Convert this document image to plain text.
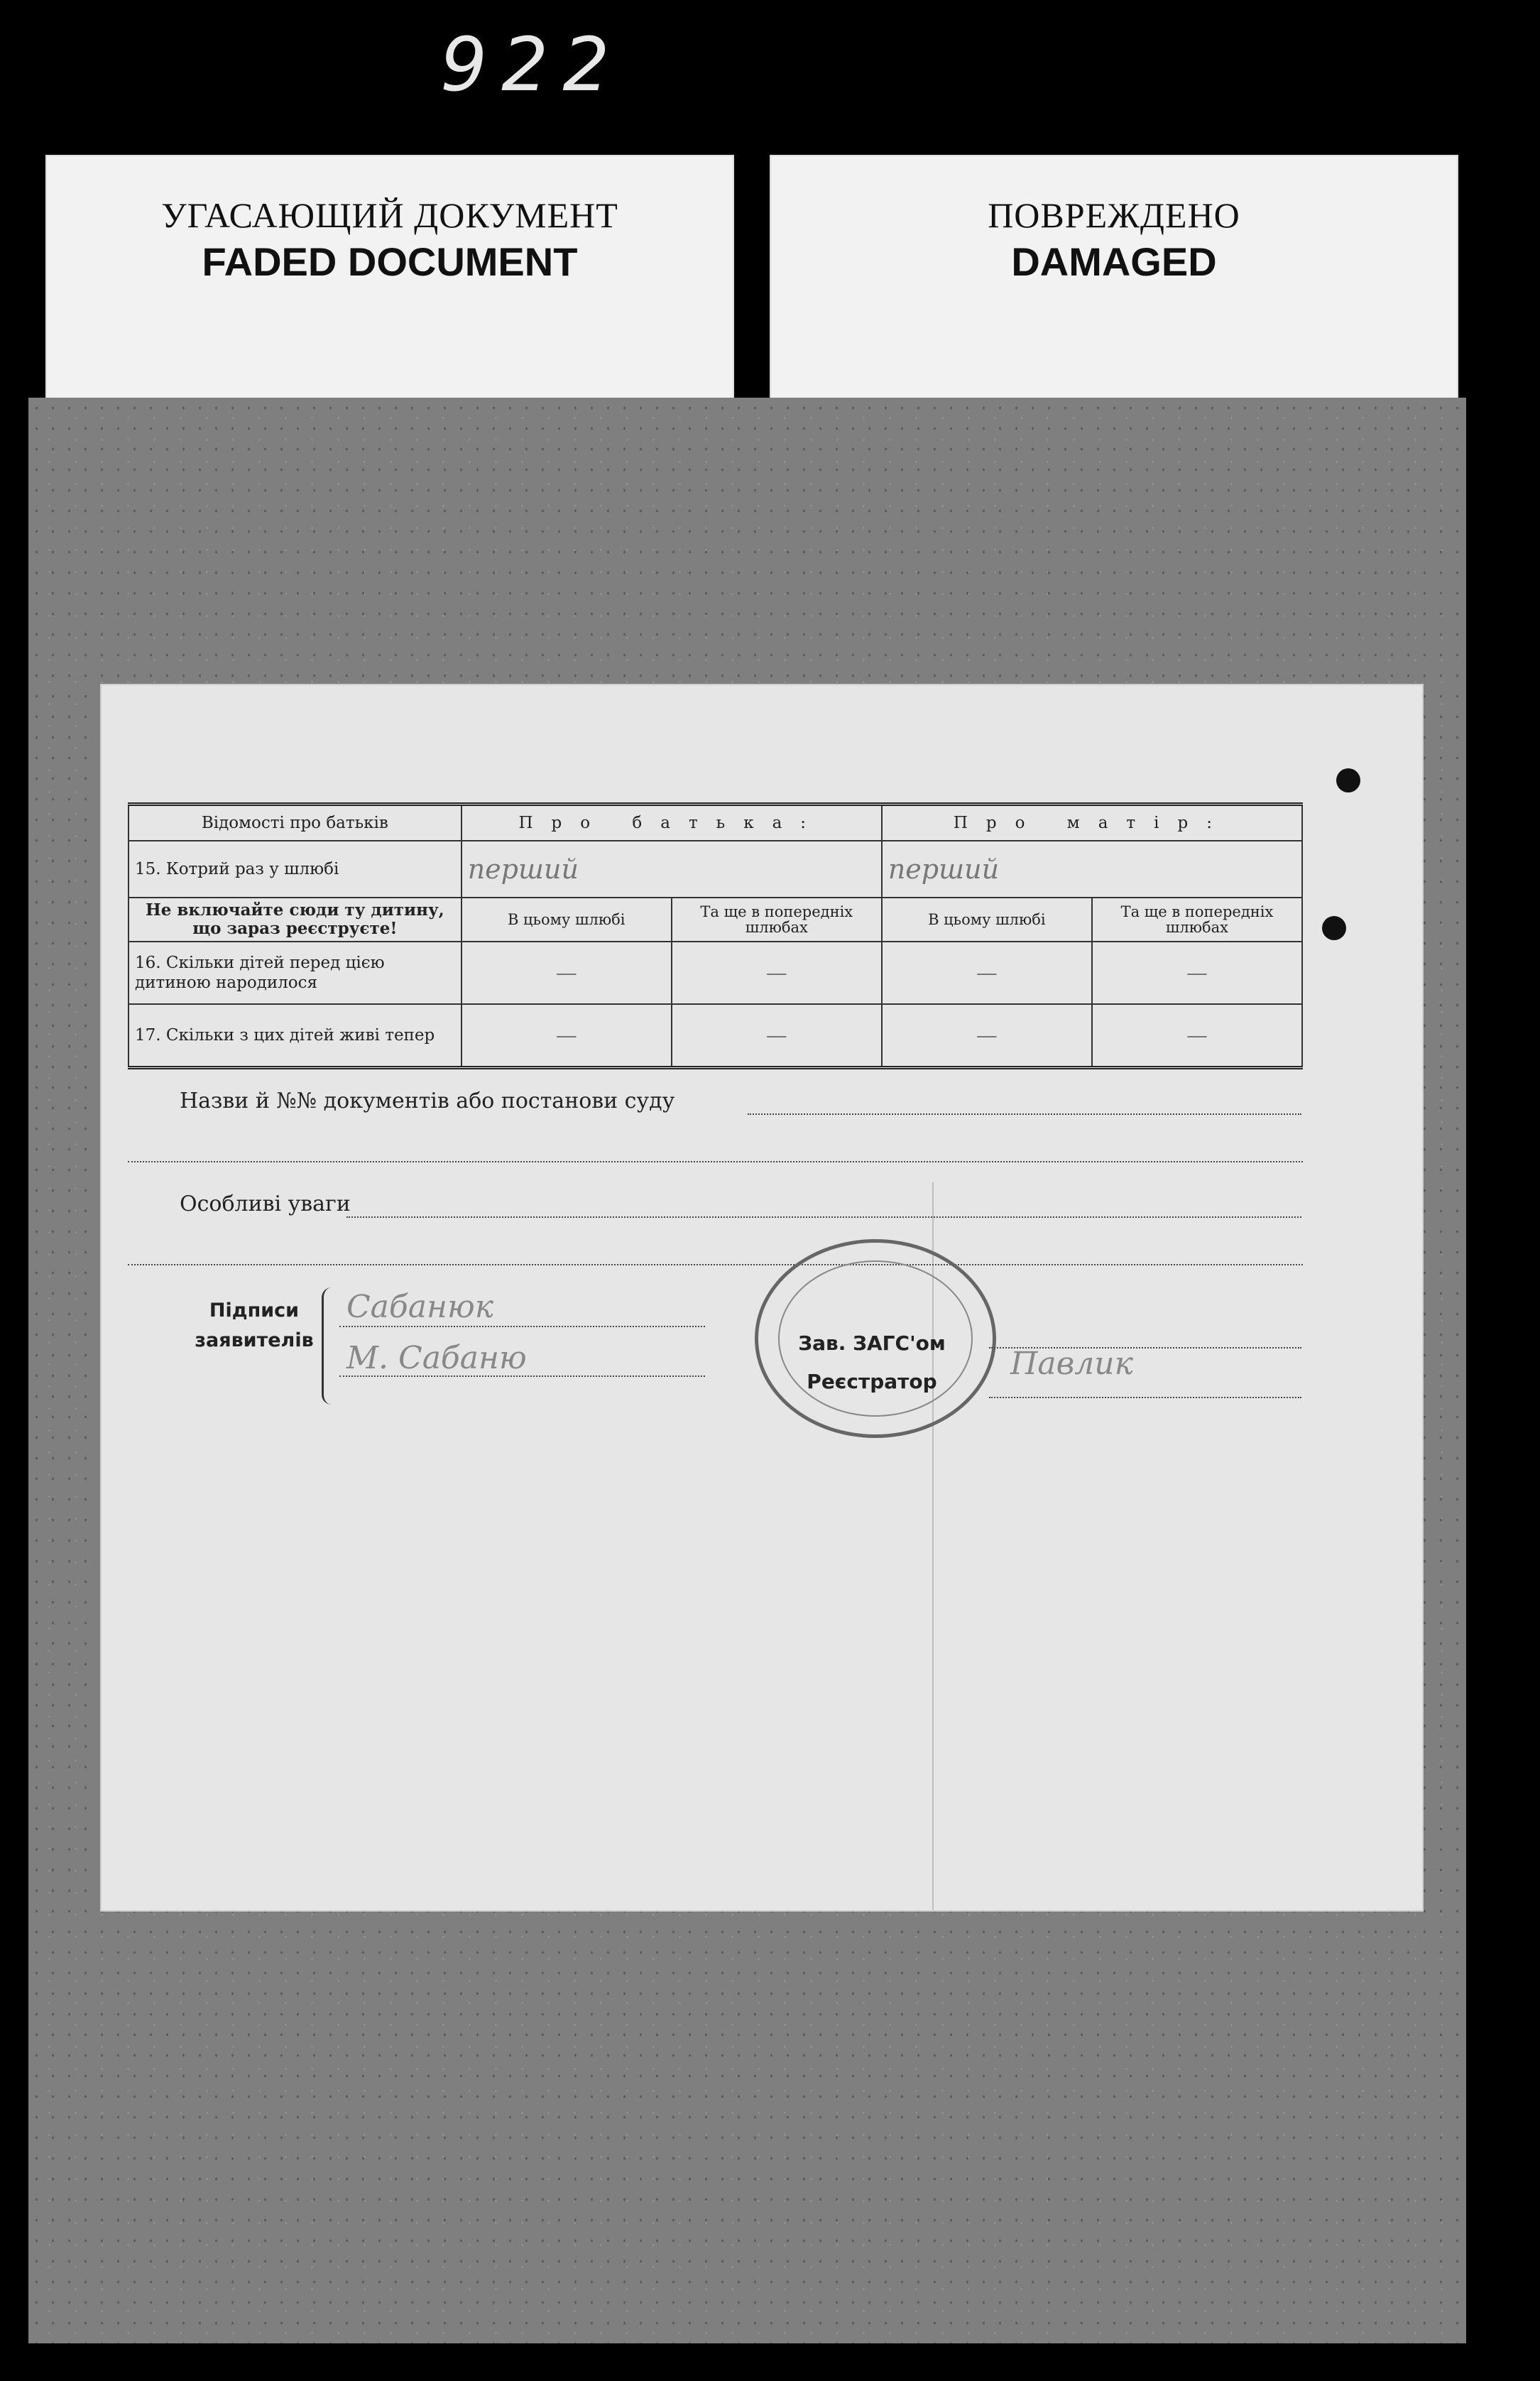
922
УГАСАЮЩИЙ ДОКУМЕНТ
FADED DOCUMENT
ПОВРЕЖДЕНО
DAMAGED
Відомості про батьків	Про батька:		Про матір:	
15. Котрий раз у шлюбі	перший		перший	
Не включайте сюди ту дитину, що зараз реєструєте!	В цьому шлюбі	Та ще в попередніх шлюбах	В цьому шлюбі	Та ще в попередніх шлюбах
16. Скільки дітей перед цією дитиною народилося	—	—	—	—
17. Скільки з цих дітей живі тепер	—	—	—	—
Назви й №№ документів або постанови суду
Особливі уваги
Підписи заявителів
Сабанюк
М. Сабаню	Зав. ЗАГС'ом
Реєстратор	Павлик
